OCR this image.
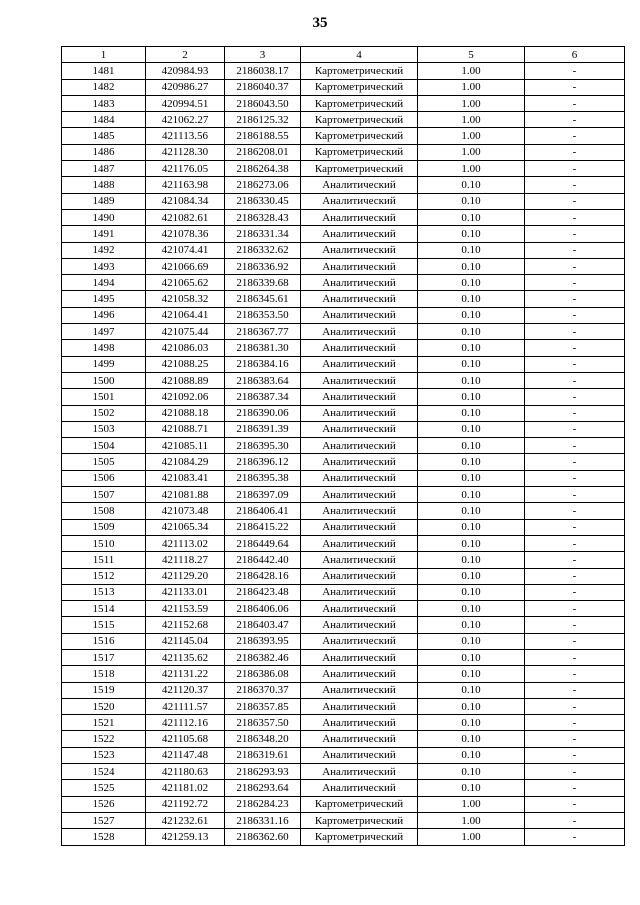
35
1	2	3	4	5	6
1481	420984.93	2186038.17	Картометрический	1.00	-
1482	420986.27	2186040.37	Картометрический	1.00	-
1483	420994.51	2186043.50	Картометрический	1.00	-
1484	421062.27	2186125.32	Картометрический	1.00	-
1485	421113.56	2186188.55	Картометрический	1.00	-
1486	421128.30	2186208.01	Картометрический	1.00	-
1487	421176.05	2186264.38	Картометрический	1.00	-
1488	421163.98	2186273.06	Аналитический	0.10	-
1489	421084.34	2186330.45	Аналитический	0.10	-
1490	421082.61	2186328.43	Аналитический	0.10	-
1491	421078.36	2186331.34	Аналитический	0.10	-
1492	421074.41	2186332.62	Аналитический	0.10	-
1493	421066.69	2186336.92	Аналитический	0.10	-
1494	421065.62	2186339.68	Аналитический	0.10	-
1495	421058.32	2186345.61	Аналитический	0.10	-
1496	421064.41	2186353.50	Аналитический	0.10	-
1497	421075.44	2186367.77	Аналитический	0.10	-
1498	421086.03	2186381.30	Аналитический	0.10	-
1499	421088.25	2186384.16	Аналитический	0.10	-
1500	421088.89	2186383.64	Аналитический	0.10	-
1501	421092.06	2186387.34	Аналитический	0.10	-
1502	421088.18	2186390.06	Аналитический	0.10	-
1503	421088.71	2186391.39	Аналитический	0.10	-
1504	421085.11	2186395.30	Аналитический	0.10	-
1505	421084.29	2186396.12	Аналитический	0.10	-
1506	421083.41	2186395.38	Аналитический	0.10	-
1507	421081.88	2186397.09	Аналитический	0.10	-
1508	421073.48	2186406.41	Аналитический	0.10	-
1509	421065.34	2186415.22	Аналитический	0.10	-
1510	421113.02	2186449.64	Аналитический	0.10	-
1511	421118.27	2186442.40	Аналитический	0.10	-
1512	421129.20	2186428.16	Аналитический	0.10	-
1513	421133.01	2186423.48	Аналитический	0.10	-
1514	421153.59	2186406.06	Аналитический	0.10	-
1515	421152.68	2186403.47	Аналитический	0.10	-
1516	421145.04	2186393.95	Аналитический	0.10	-
1517	421135.62	2186382.46	Аналитический	0.10	-
1518	421131.22	2186386.08	Аналитический	0.10	-
1519	421120.37	2186370.37	Аналитический	0.10	-
1520	421111.57	2186357.85	Аналитический	0.10	-
1521	421112.16	2186357.50	Аналитический	0.10	-
1522	421105.68	2186348.20	Аналитический	0.10	-
1523	421147.48	2186319.61	Аналитический	0.10	-
1524	421180.63	2186293.93	Аналитический	0.10	-
1525	421181.02	2186293.64	Аналитический	0.10	-
1526	421192.72	2186284.23	Картометрический	1.00	-
1527	421232.61	2186331.16	Картометрический	1.00	-
1528	421259.13	2186362.60	Картометрический	1.00	-
